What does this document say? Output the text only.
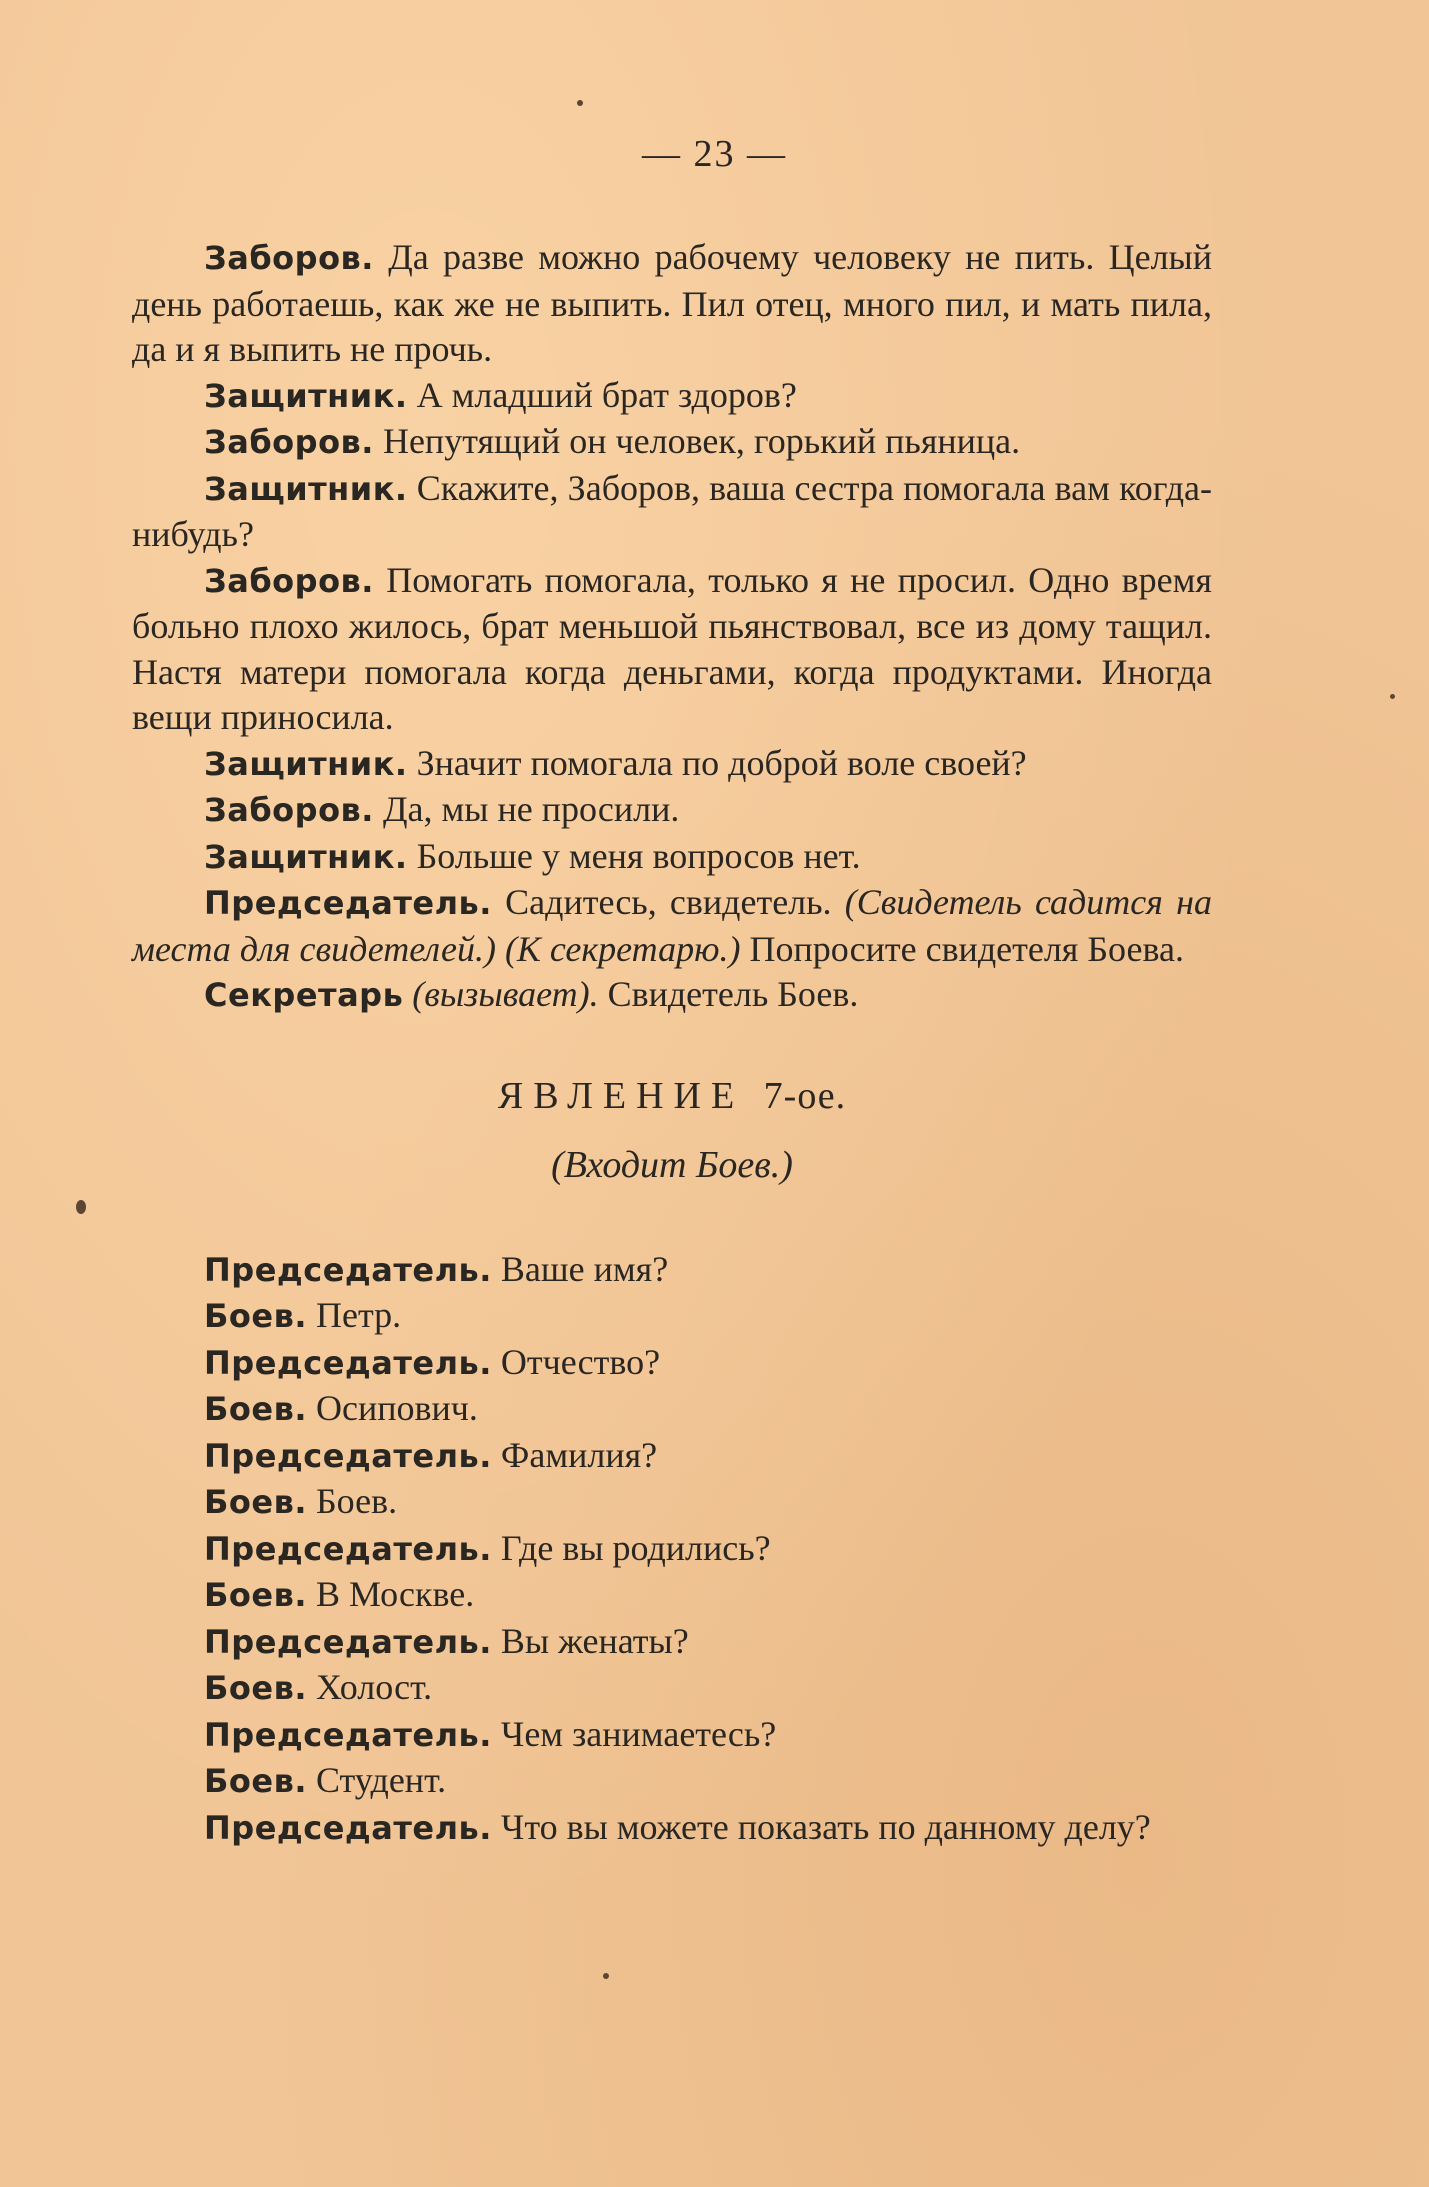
— 23 —

Заборов. Да разве можно рабочему человеку не пить. Целый день работаешь, как же не выпить. Пил отец, много пил, и мать пила, да и я выпить не прочь.

Защитник. А младший брат здоров?

Заборов. Непутящий он человек, горький пьяница.

Защитник. Скажите, Заборов, ваша сестра помогала вам когда-нибудь?

Заборов. Помогать помогала, только я не просил. Одно время больно плохо жилось, брат меньшой пьянствовал, все из дому тащил. Настя матери помогала когда деньгами, когда продуктами. Иногда вещи приносила.

Защитник. Значит помогала по доброй воле своей?

Заборов. Да, мы не просили.

Защитник. Больше у меня вопросов нет.

Председатель. Садитесь, свидетель. (Свидетель садится на места для свидетелей.) (К секретарю.) Попросите свидетеля Боева.

Секретарь (вызывает). Свидетель Боев.

ЯВЛЕНИЕ 7-ое.
(Входит Боев.)

Председатель. Ваше имя?

Боев. Петр.

Председатель. Отчество?

Боев. Осипович.

Председатель. Фамилия?

Боев. Боев.

Председатель. Где вы родились?

Боев. В Москве.

Председатель. Вы женаты?

Боев. Холост.

Председатель. Чем занимаетесь?

Боев. Студент.

Председатель. Что вы можете показать по данному делу?
